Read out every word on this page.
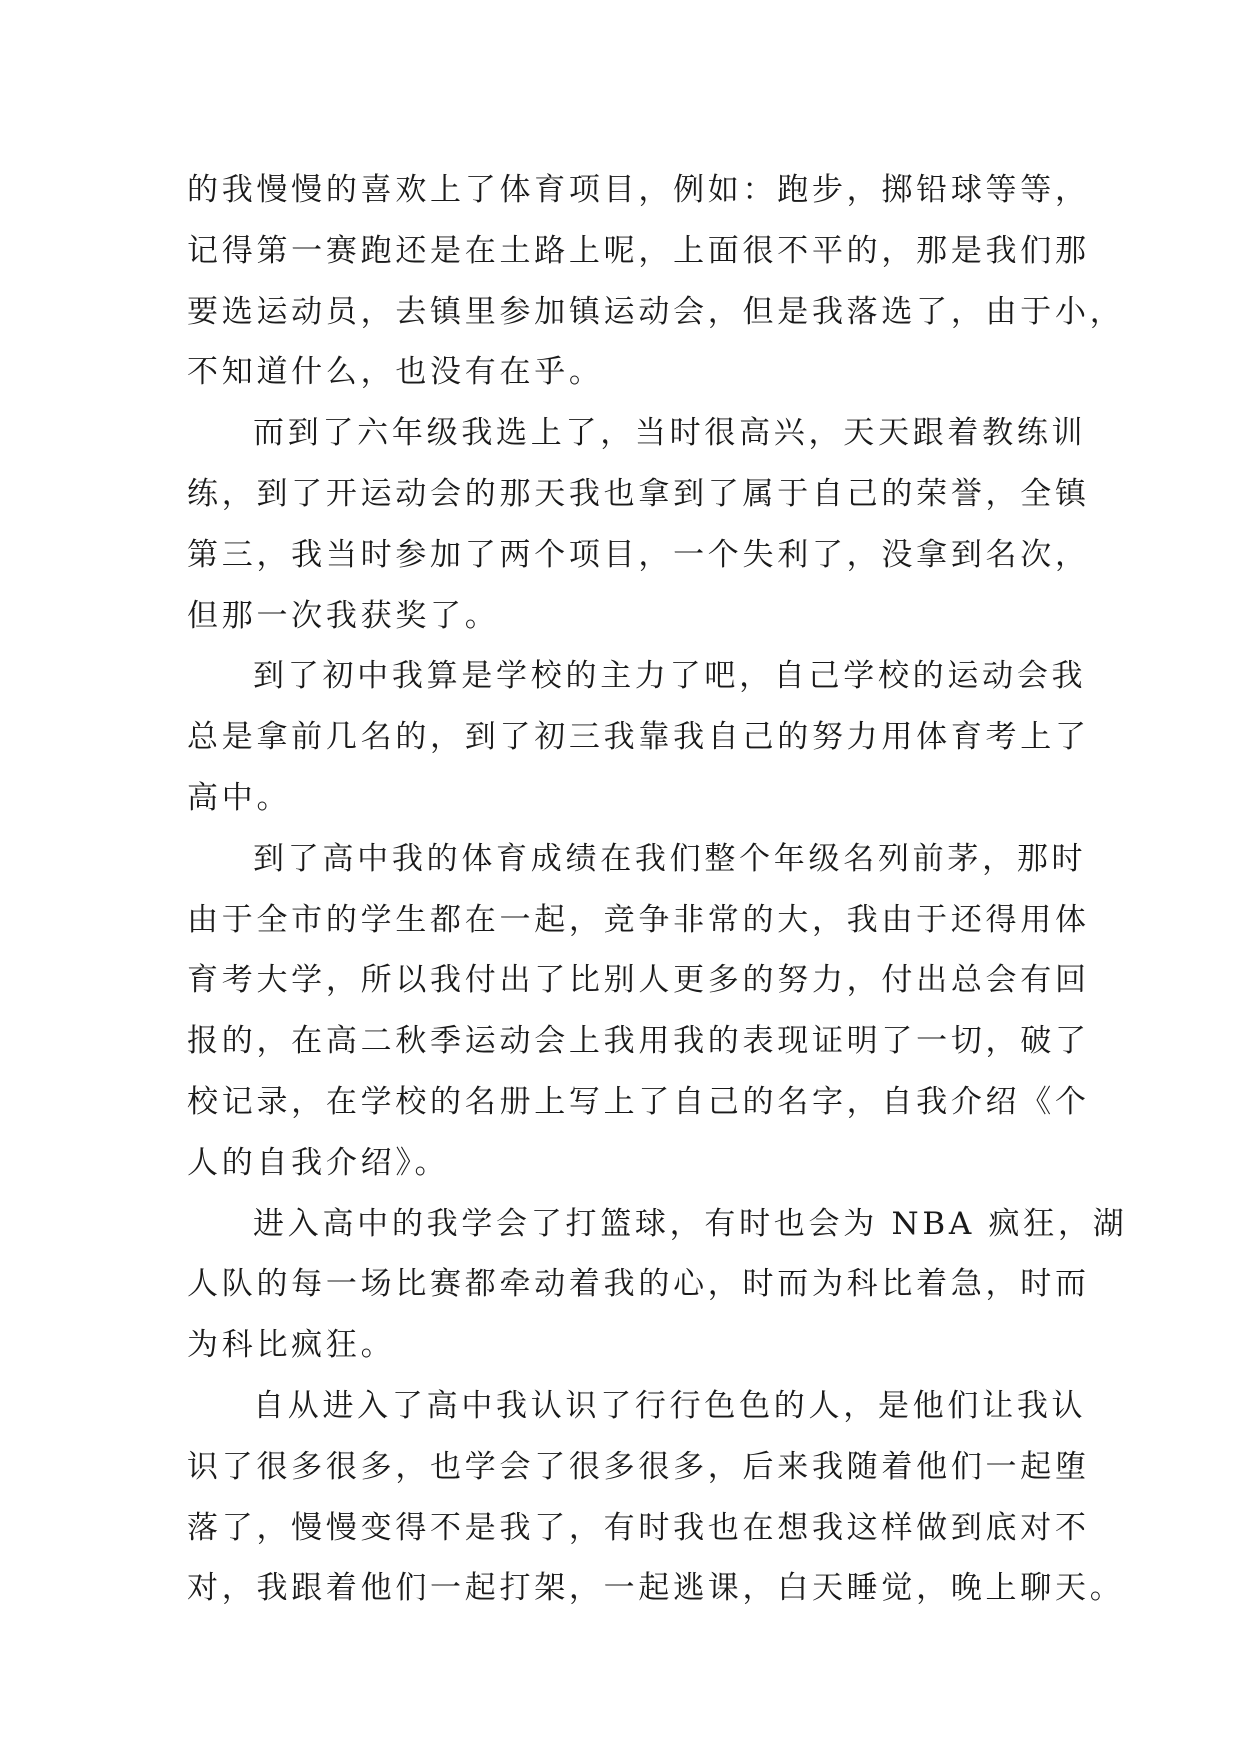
的我慢慢的喜欢上了体育项目，例如：跑步，掷铅球等等，
记得第一赛跑还是在土路上呢，上面很不平的，那是我们那
要选运动员，去镇里参加镇运动会，但是我落选了，由于小，
不知道什么，也没有在乎。
而到了六年级我选上了，当时很高兴，天天跟着教练训
练，到了开运动会的那天我也拿到了属于自己的荣誉，全镇
第三，我当时参加了两个项目，一个失利了，没拿到名次，
但那一次我获奖了。
到了初中我算是学校的主力了吧，自己学校的运动会我
总是拿前几名的，到了初三我靠我自己的努力用体育考上了
高中。
到了高中我的体育成绩在我们整个年级名列前茅，那时
由于全市的学生都在一起，竞争非常的大，我由于还得用体
育考大学，所以我付出了比别人更多的努力，付出总会有回
报的，在高二秋季运动会上我用我的表现证明了一切，破了
校记录，在学校的名册上写上了自己的名字，自我介绍《个
人的自我介绍》。
进入高中的我学会了打篮球，有时也会为 NBA 疯狂，湖
人队的每一场比赛都牵动着我的心，时而为科比着急，时而
为科比疯狂。
自从进入了高中我认识了行行色色的人，是他们让我认
识了很多很多，也学会了很多很多，后来我随着他们一起堕
落了，慢慢变得不是我了，有时我也在想我这样做到底对不
对，我跟着他们一起打架，一起逃课，白天睡觉，晚上聊天。
